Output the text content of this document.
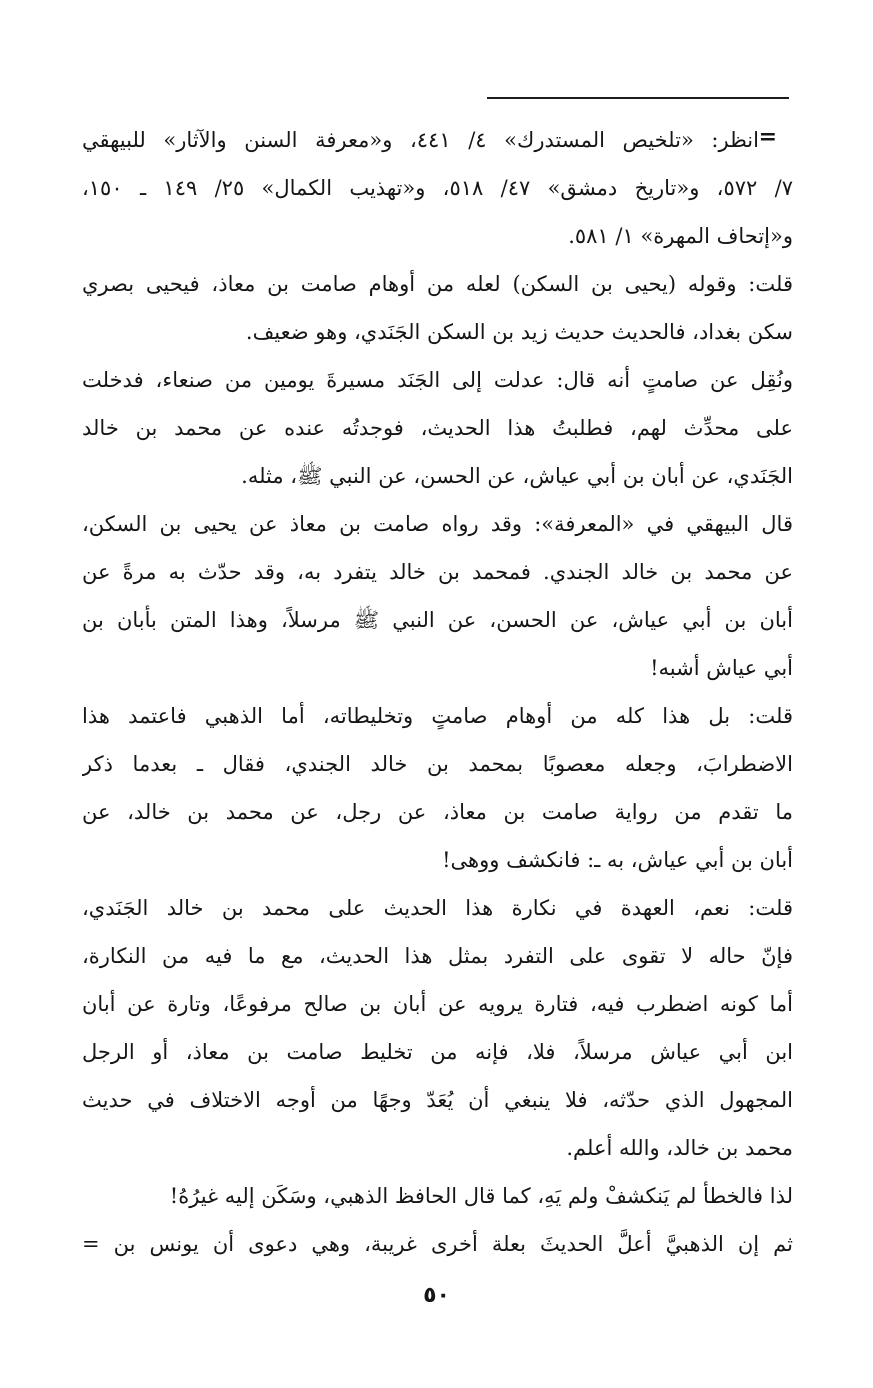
=
انظر: «تلخيص المستدرك» ٤/ ٤٤١، و«معرفة السنن والآثار» للبيهقي
٧/ ٥٧٢، و«تاريخ دمشق» ٤٧/ ٥١٨، و«تهذيب الكمال» ٢٥/ ١٤٩ ـ ١٥٠،
و«إتحاف المهرة» ١/ ٥٨١.
قلت: وقوله (يحيى بن السكن) لعله من أوهام صامت بن معاذ، فيحيى بصري
سكن بغداد، فالحديث حديث زيد بن السكن الجَنَدي، وهو ضعيف.
ونُقِل عن صامتٍ أنه قال: عدلت إلى الجَنَد مسيرةَ يومين من صنعاء، فدخلت
على محدِّث لهم، فطلبتُ هذا الحديث، فوجدتُه عنده عن محمد بن خالد
الجَنَدي، عن أبان بن أبي عياش، عن الحسن، عن النبي ﷺ، مثله.
قال البيهقي في «المعرفة»: وقد رواه صامت بن معاذ عن يحيى بن السكن،
عن محمد بن خالد الجندي. فمحمد بن خالد يتفرد به، وقد حدّث به مرةً عن
أبان بن أبي عياش، عن الحسن، عن النبي ﷺ مرسلاً، وهذا المتن بأبان بن
أبي عياش أشبه!
قلت: بل هذا كله من أوهام صامتٍ وتخليطاته، أما الذهبي فاعتمد هذا
الاضطرابَ، وجعله معصوبًا بمحمد بن خالد الجندي، فقال ـ بعدما ذكر
ما تقدم من رواية صامت بن معاذ، عن رجل، عن محمد بن خالد، عن
أبان بن أبي عياش، به ـ: فانكشف ووهى!
قلت: نعم، العهدة في نكارة هذا الحديث على محمد بن خالد الجَنَدي،
فإنّ حاله لا تقوى على التفرد بمثل هذا الحديث، مع ما فيه من النكارة،
أما كونه اضطرب فيه، فتارة يرويه عن أبان بن صالح مرفوعًا، وتارة عن أبان
ابن أبي عياش مرسلاً، فلا، فإنه من تخليط صامت بن معاذ، أو الرجل
المجهول الذي حدّثه، فلا ينبغي أن يُعَدّ وجهًا من أوجه الاختلاف في حديث
محمد بن خالد، والله أعلم.
لذا فالخطأ لم يَنكشفْ ولم يَهِ، كما قال الحافظ الذهبي، وسَكَن إليه غيرُهُ!
ثم إن الذهبيَّ أعلَّ الحديثَ بعلة أخرى غريبة، وهي دعوى أن يونس بن =
٥٠
